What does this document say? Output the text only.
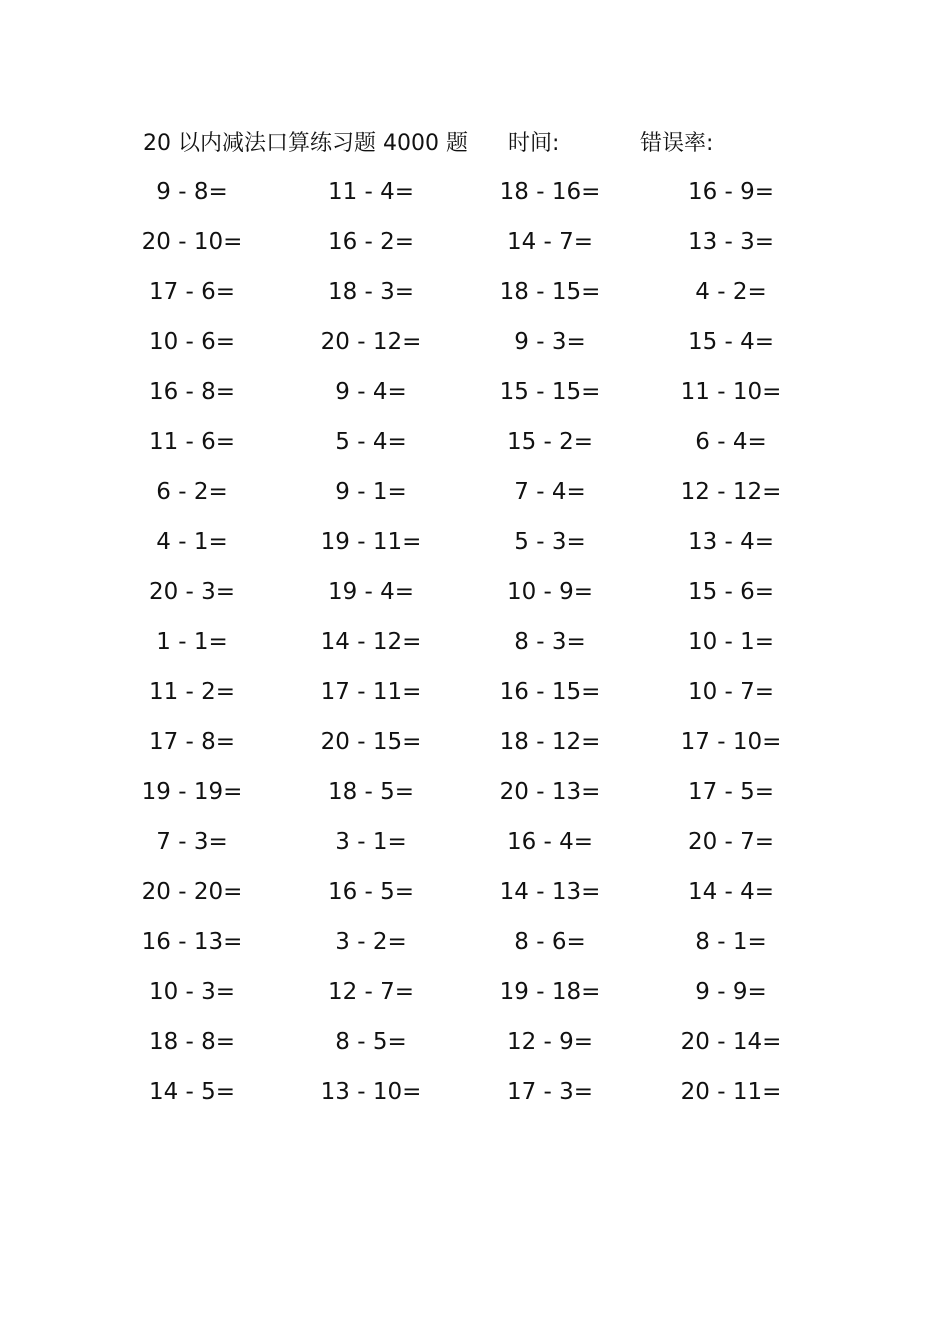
20 以内减法口算练习题 4000 题 时间:	错误率:
9 - 8=	11 - 4=	18 - 16=	16 - 9=
20 - 10=	16 - 2=	14 - 7=	13 - 3=
17 - 6=	18 - 3=	18 - 15=	4 - 2=
10 - 6=	20 - 12=	9 - 3=	15 - 4=
16 - 8=	9 - 4=	15 - 15=	11 - 10=
11 - 6=	5 - 4=	15 - 2=	6 - 4=
6 - 2=	9 - 1=	7 - 4=	12 - 12=
4 - 1=	19 - 11=	5 - 3=	13 - 4=
20 - 3=	19 - 4=	10 - 9=	15 - 6=
1 - 1=	14 - 12=	8 - 3=	10 - 1=
11 - 2=	17 - 11=	16 - 15=	10 - 7=
17 - 8=	20 - 15=	18 - 12=	17 - 10=
19 - 19=	18 - 5=	20 - 13=	17 - 5=
7 - 3=	3 - 1=	16 - 4=	20 - 7=
20 - 20=	16 - 5=	14 - 13=	14 - 4=
16 - 13=	3 - 2=	8 - 6=	8 - 1=
10 - 3=	12 - 7=	19 - 18=	9 - 9=
18 - 8=	8 - 5=	12 - 9=	20 - 14=
14 - 5=	13 - 10=	17 - 3=	20 - 11=
